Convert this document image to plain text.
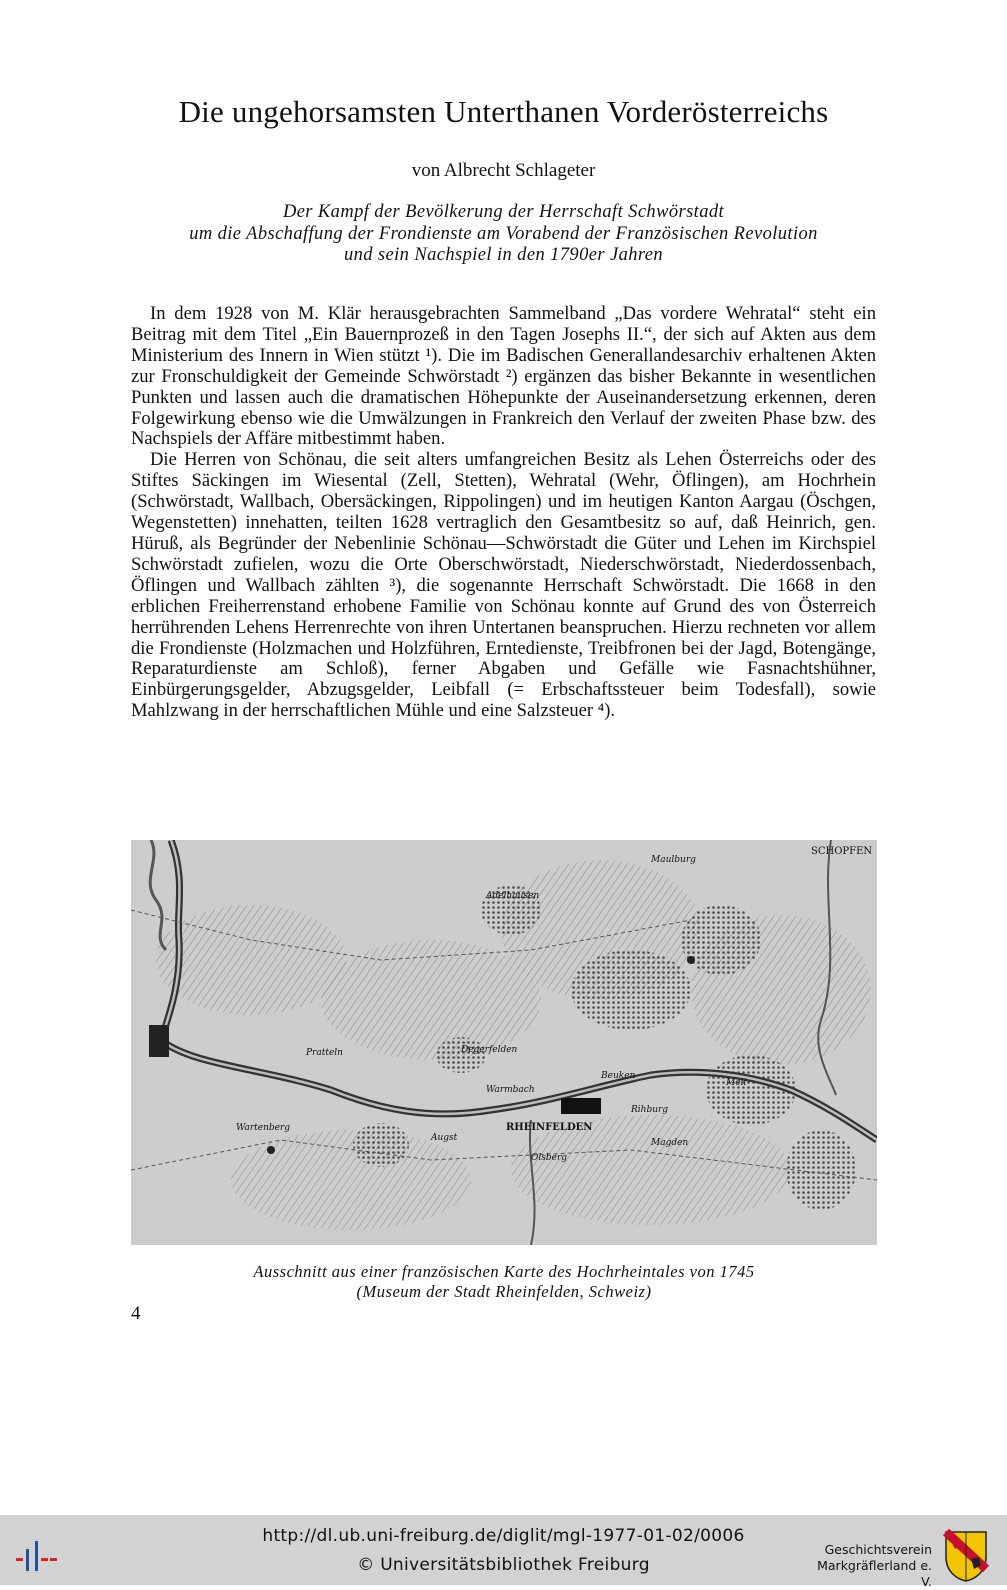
Die ungehorsamsten Unterthanen Vorderösterreichs
von Albrecht Schlageter
Der Kampf der Bevölkerung der Herrschaft Schwörstadt
um die Abschaffung der Frondienste am Vorabend der Französischen Revolution
und sein Nachspiel in den 1790er Jahren

In dem 1928 von M. Klär herausgebrachten Sammelband „Das vordere Wehratal“ steht ein Beitrag mit dem Titel „Ein Bauernprozeß in den Tagen Josephs II.“, der sich auf Akten aus dem Ministerium des Innern in Wien stützt ¹). Die im Badischen Generallandesarchiv erhaltenen Akten zur Fronschuldigkeit der Gemeinde Schwörstadt ²) ergänzen das bisher Bekannte in wesentlichen Punkten und lassen auch die dramatischen Höhepunkte der Auseinandersetzung erkennen, deren Folgewirkung ebenso wie die Umwälzungen in Frankreich den Verlauf der zweiten Phase bzw. des Nachspiels der Affäre mitbestimmt haben.

Die Herren von Schönau, die seit alters umfangreichen Besitz als Lehen Österreichs oder des Stiftes Säckingen im Wiesental (Zell, Stetten), Wehratal (Wehr, Öflingen), am Hochrhein (Schwörstadt, Wallbach, Obersäckingen, Rippolingen) und im heutigen Kanton Aargau (Öschgen, Wegenstetten) innehatten, teilten 1628 vertraglich den Gesamtbesitz so auf, daß Heinrich, gen. Hüruß, als Begründer der Nebenlinie Schönau—Schwörstadt die Güter und Lehen im Kirchspiel Schwörstadt zufielen, wozu die Orte Oberschwörstadt, Niederschwörstadt, Niederdossenbach, Öflingen und Wallbach zählten ³), die sogenannte Herrschaft Schwörstadt. Die 1668 in den erblichen Freiherrenstand erhobene Familie von Schönau konnte auf Grund des von Österreich herrührenden Lehens Herrenrechte von ihren Untertanen beanspruchen. Hierzu rechneten vor allem die Frondienste (Holzmachen und Holzführen, Erntedienste, Treibfronen bei der Jagd, Botengänge, Reparaturdienste am Schloß), ferner Abgaben und Gefälle wie Fasnachtshühner, Einbürgerungsgelder, Abzugsgelder, Leibfall (= Erbschaftssteuer beim Todesfall), sowie Mahlzwang in der herrschaftlichen Mühle und eine Salzsteuer ⁴).

SCHOPFEN
RHEINFELDEN
Maulburg
Adelhausen
Degerfelden
Warmbach
Rihburg
Augst	Magden
Meli
Wartenberg
Olsberg
Pratteln
Beuken
Ausschnitt aus einer französischen Karte des Hochrheintales von 1745
(Museum der Stadt Rheinfelden, Schweiz)
4
http://dl.ub.uni-freiburg.de/diglit/mgl-1977-01-02/0006
© Universitätsbibliothek Freiburg
Geschichtsverein
Markgräflerland e. V.
